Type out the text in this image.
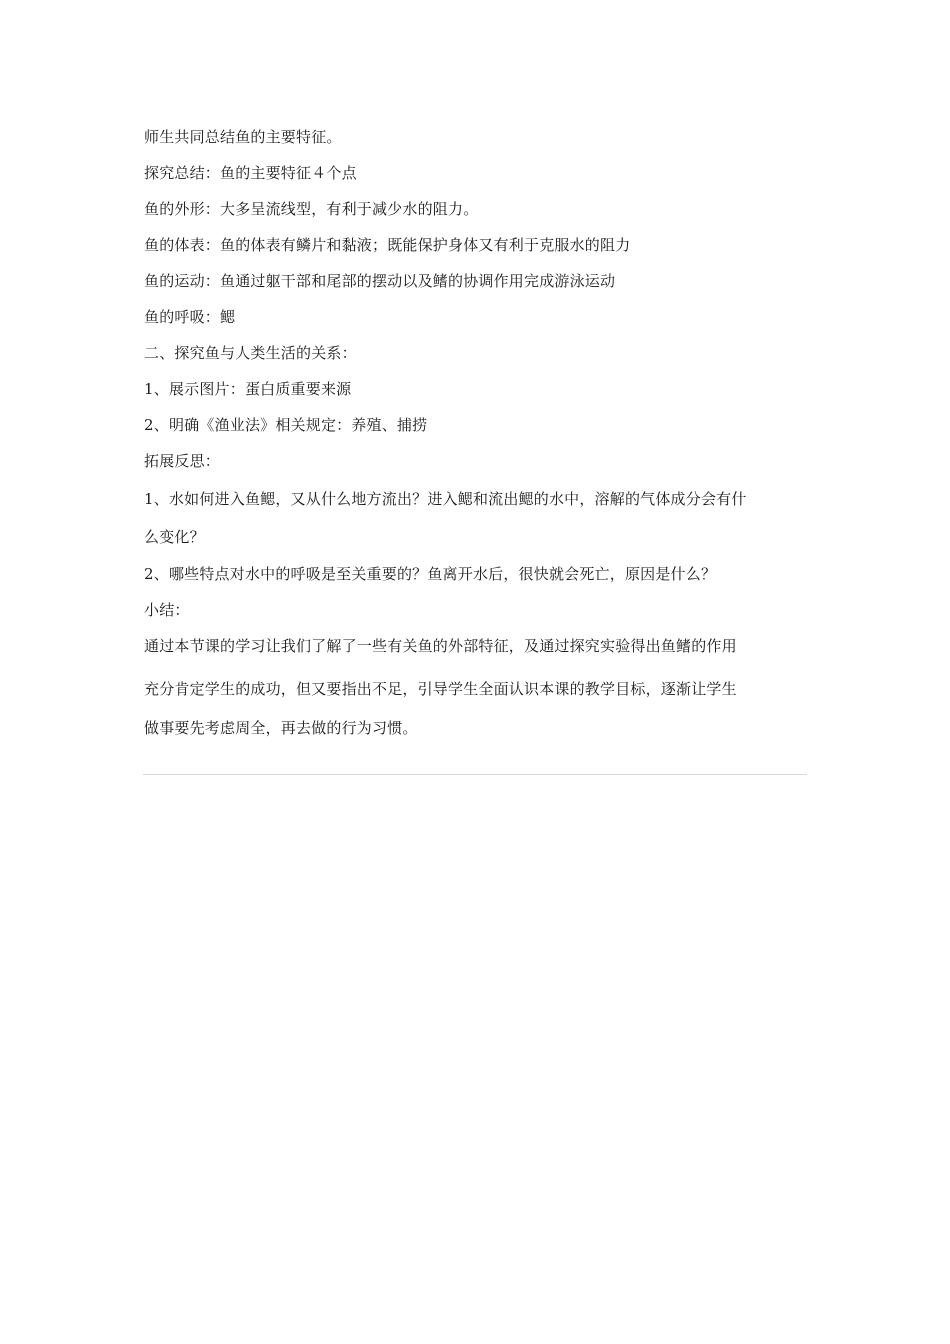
师生共同总结鱼的主要特征。
探究总结：鱼的主要特征４个点
鱼的外形：大多呈流线型，有利于减少水的阻力。
鱼的体表：鱼的体表有鳞片和黏液；既能保护身体又有利于克服水的阻力
鱼的运动：鱼通过躯干部和尾部的摆动以及鳍的协调作用完成游泳运动
鱼的呼吸：鳃
二、探究鱼与人类生活的关系：
1、展示图片：蛋白质重要来源
2、明确《渔业法》相关规定：养殖、捕捞
拓展反思：
1、水如何进入鱼鳃，又从什么地方流出？进入鳃和流出鳃的水中，溶解的气体成分会有什
么变化？
2、哪些特点对水中的呼吸是至关重要的？鱼离开水后，很快就会死亡，原因是什么？
小结：
通过本节课的学习让我们了解了一些有关鱼的外部特征，及通过探究实验得出鱼鳍的作用
充分肯定学生的成功，但又要指出不足，引导学生全面认识本课的教学目标，逐渐让学生
做事要先考虑周全，再去做的行为习惯。
